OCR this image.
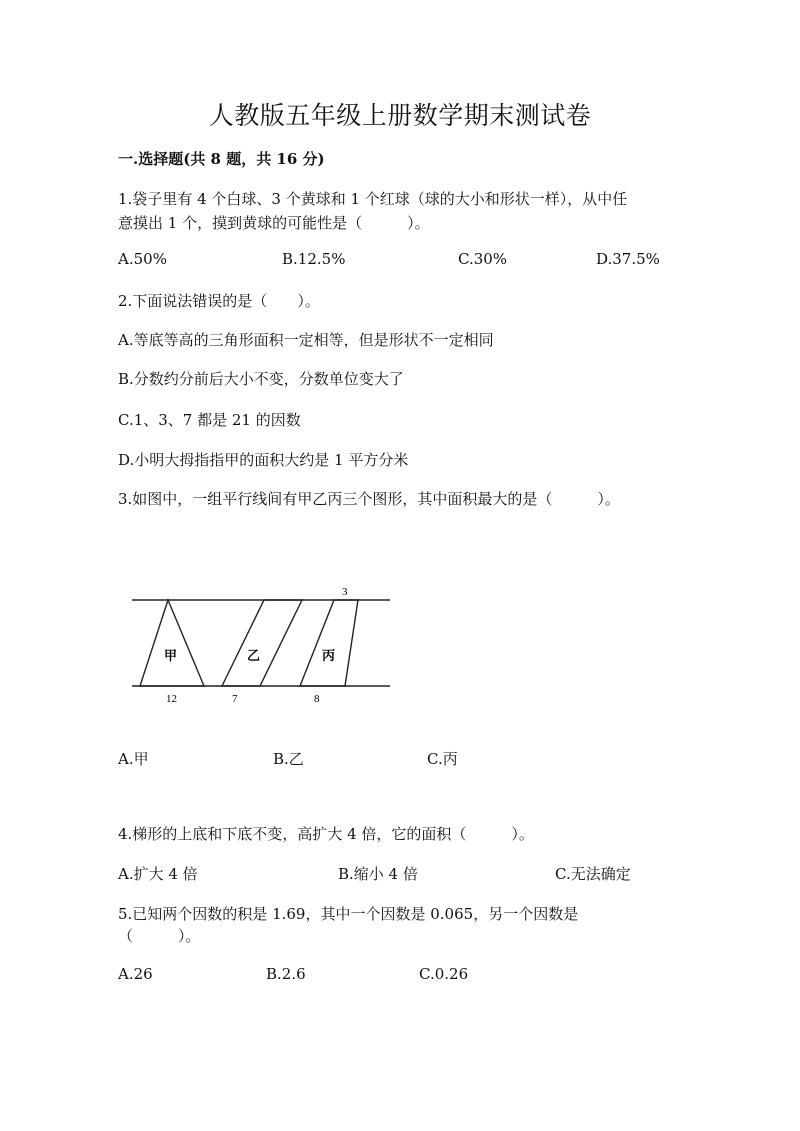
人教版五年级上册数学期末测试卷
一.选择题(共 8 题，共 16 分)
1.袋子里有 4 个白球、3 个黄球和 1 个红球（球的大小和形状一样），从中任
意摸出 1 个，摸到黄球的可能性是（　　　）。
A.50%	B.12.5%	C.30%	D.37.5%
2.下面说法错误的是（　　）。
A.等底等高的三角形面积一定相等，但是形状不一定相同
B.分数约分前后大小不变，分数单位变大了
C.1、3、7 都是 21 的因数
D.小明大拇指指甲的面积大约是 1 平方分米
3.如图中，一组平行线间有甲乙丙三个图形，其中面积最大的是（　　　）。
甲	乙	丙
3
12	7	8
A.甲	B.乙	C.丙
4.梯形的上底和下底不变，高扩大 4 倍，它的面积（　　　）。
A.扩大 4 倍	B.缩小 4 倍	C.无法确定
5.已知两个因数的积是 1.69，其中一个因数是 0.065，另一个因数是
（　　　）。
A.26	B.2.6	C.0.26
